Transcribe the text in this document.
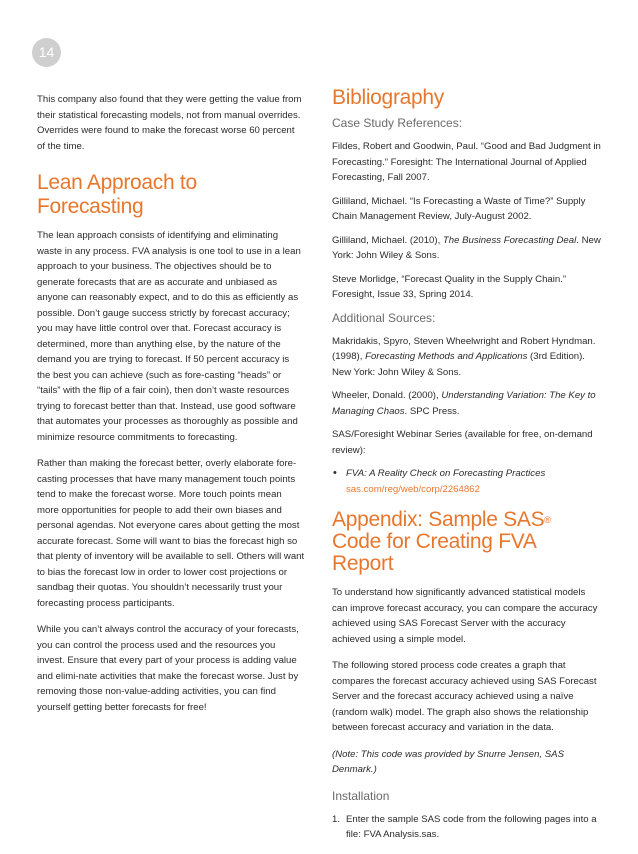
14

This company also found that they were getting the value from their statistical forecasting models, not from manual overrides. Overrides were found to make the forecast worse 60 percent of the time.

Lean Approach to Forecasting

The lean approach consists of identifying and eliminating waste in any process. FVA analysis is one tool to use in a lean approach to your business. The objectives should be to generate forecasts that are as accurate and unbiased as anyone can reasonably expect, and to do this as efficiently as possible. Don’t gauge success strictly by forecast accuracy; you may have little control over that. Forecast accuracy is determined, more than anything else, by the nature of the demand you are trying to forecast. If 50 percent accuracy is the best you can achieve (such as fore-casting “heads” or “tails” with the flip of a fair coin), then don’t waste resources trying to forecast better than that. Instead, use good software that automates your processes as thoroughly as possible and minimize resource commitments to forecasting.

Rather than making the forecast better, overly elaborate fore-casting processes that have many management touch points tend to make the forecast worse. More touch points mean more opportunities for people to add their own biases and personal agendas. Not everyone cares about getting the most accurate forecast. Some will want to bias the forecast high so that plenty of inventory will be available to sell. Others will want to bias the forecast low in order to lower cost projections or sandbag their quotas. You shouldn’t necessarily trust your forecasting process participants.

While you can’t always control the accuracy of your forecasts, you can control the process used and the resources you invest. Ensure that every part of your process is adding value and elimi-nate activities that make the forecast worse. Just by removing those non-value-adding activities, you can find yourself getting better forecasts for free!

Bibliography
Case Study References:

Fildes, Robert and Goodwin, Paul. “Good and Bad Judgment in Forecasting.” Foresight: The International Journal of Applied Forecasting, Fall 2007.

Gilliland, Michael. “Is Forecasting a Waste of Time?” Supply Chain Management Review, July-August 2002.

Gilliland, Michael. (2010), The Business Forecasting Deal. New York: John Wiley & Sons.

Steve Morlidge, “Forecast Quality in the Supply Chain.” Foresight, Issue 33, Spring 2014.

Additional Sources:

Makridakis, Spyro, Steven Wheelwright and Robert Hyndman. (1998), Forecasting Methods and Applications (3rd Edition). New York: John Wiley & Sons.

Wheeler, Donald. (2000), Understanding Variation: The Key to Managing Chaos. SPC Press.

SAS/Foresight Webinar Series (available for free, on-demand review):

• FVA: A Reality Check on Forecasting Practices
sas.com/reg/web/corp/2264862

Appendix: Sample SAS® Code for Creating FVA Report

To understand how significantly advanced statistical models can improve forecast accuracy, you can compare the accuracy achieved using SAS Forecast Server with the accuracy achieved using a simple model.

The following stored process code creates a graph that compares the forecast accuracy achieved using SAS Forecast Server and the forecast accuracy achieved using a naïve (random walk) model. The graph also shows the relationship between forecast accuracy and variation in the data.

(Note: This code was provided by Snurre Jensen, SAS Denmark.)

Installation

1. Enter the sample SAS code from the following pages into a file: FVA Analysis.sas.
